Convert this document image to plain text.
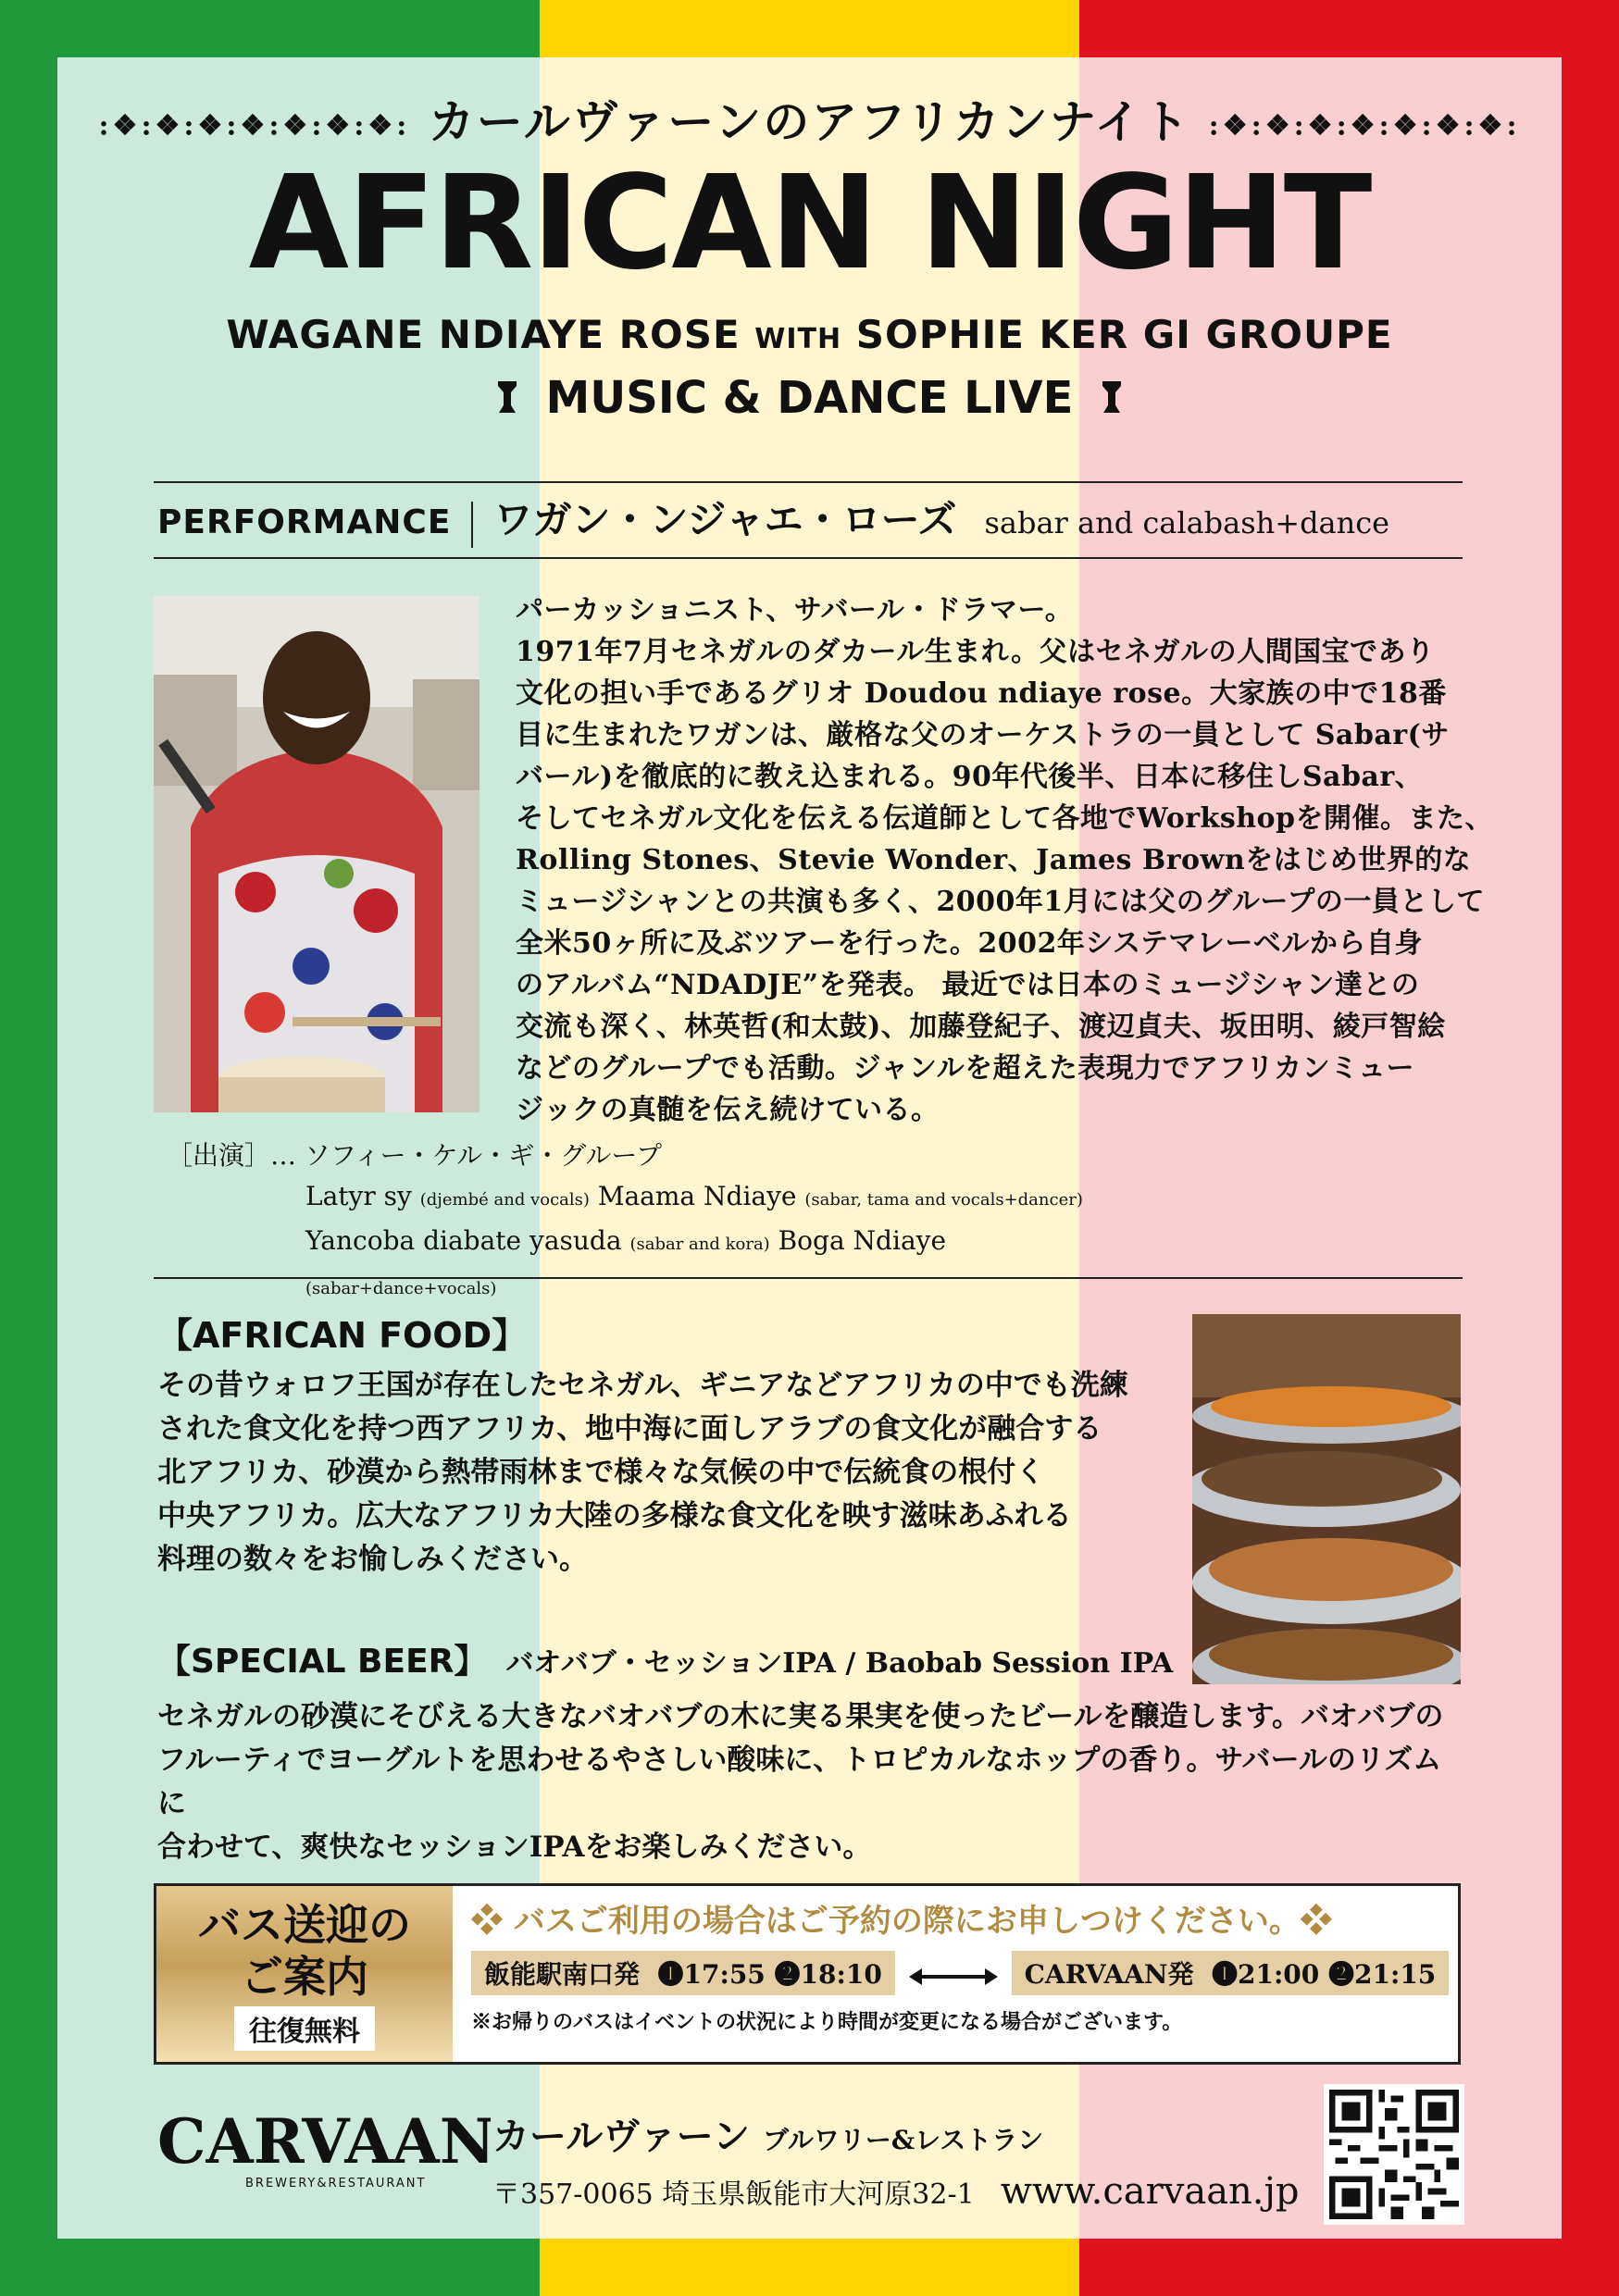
:❖:❖:❖:❖:❖:❖:❖: カールヴァーンのアフリカンナイト :❖:❖:❖:❖:❖:❖:❖:
AFRICAN NIGHT
WAGANE NDIAYE ROSE WITH SOPHIE KER GI GROUPE
MUSIC & DANCE LIVE
PERFORMANCE ワガン・ンジャエ・ローズ sabar and calabash+dance
パーカッショニスト、サバール・ドラマー。
1971年7月セネガルのダカール生まれ。父はセネガルの人間国宝であり
文化の担い手であるグリオ Doudou ndiaye rose。大家族の中で18番
目に生まれたワガンは、厳格な父のオーケストラの一員として Sabar(サ
バール)を徹底的に教え込まれる。90年代後半、日本に移住しSabar、
そしてセネガル文化を伝える伝道師として各地でWorkshopを開催。また、
Rolling Stones、Stevie Wonder、James Brownをはじめ世界的な
ミュージシャンとの共演も多く、2000年1月には父のグループの一員として
全米50ヶ所に及ぶツアーを行った。2002年システマレーベルから自身
のアルバム“NDADJE”を発表。 最近では日本のミュージシャン達との
交流も深く、林英哲(和太鼓)、加藤登紀子、渡辺貞夫、坂田明、綾戸智絵
などのグループでも活動。ジャンルを超えた表現力でアフリカンミュー
ジックの真髄を伝え続けている。
［出演］… ソフィー・ケル・ギ・グループ
Latyr sy (djembé and vocals) Maama Ndiaye (sabar, tama and vocals+dancer)
Yancoba diabate yasuda (sabar and kora) Boga Ndiaye (sabar+dance+vocals)
【AFRICAN FOOD】
その昔ウォロフ王国が存在したセネガル、ギニアなどアフリカの中でも洗練
された食文化を持つ西アフリカ、地中海に面しアラブの食文化が融合する
北アフリカ、砂漠から熱帯雨林まで様々な気候の中で伝統食の根付く
中央アフリカ。広大なアフリカ大陸の多様な食文化を映す滋味あふれる
料理の数々をお愉しみください。
【SPECIAL BEER】 バオバブ・セッションIPA / Baobab Session IPA
セネガルの砂漠にそびえる大きなバオバブの木に実る果実を使ったビールを醸造します。バオバブの
フルーティでヨーグルトを思わせるやさしい酸味に、トロピカルなホップの香り。サバールのリズムに
合わせて、爽快なセッションIPAをお楽しみください。
バス送迎の
ご案内
往復無料
❖ バスご利用の場合はご予約の際にお申しつけください。❖
飯能駅南口発 ❶17:55 ❷18:10	CARVAAN発 ❶21:00 ❷21:15
※お帰りのバスはイベントの状況により時間が変更になる場合がございます。
CARVAAN
BREWERY&RESTAURANT
カールヴァーン ブルワリー&レストラン
〒357-0065 埼玉県飯能市大河原32-1 www.carvaan.jp
